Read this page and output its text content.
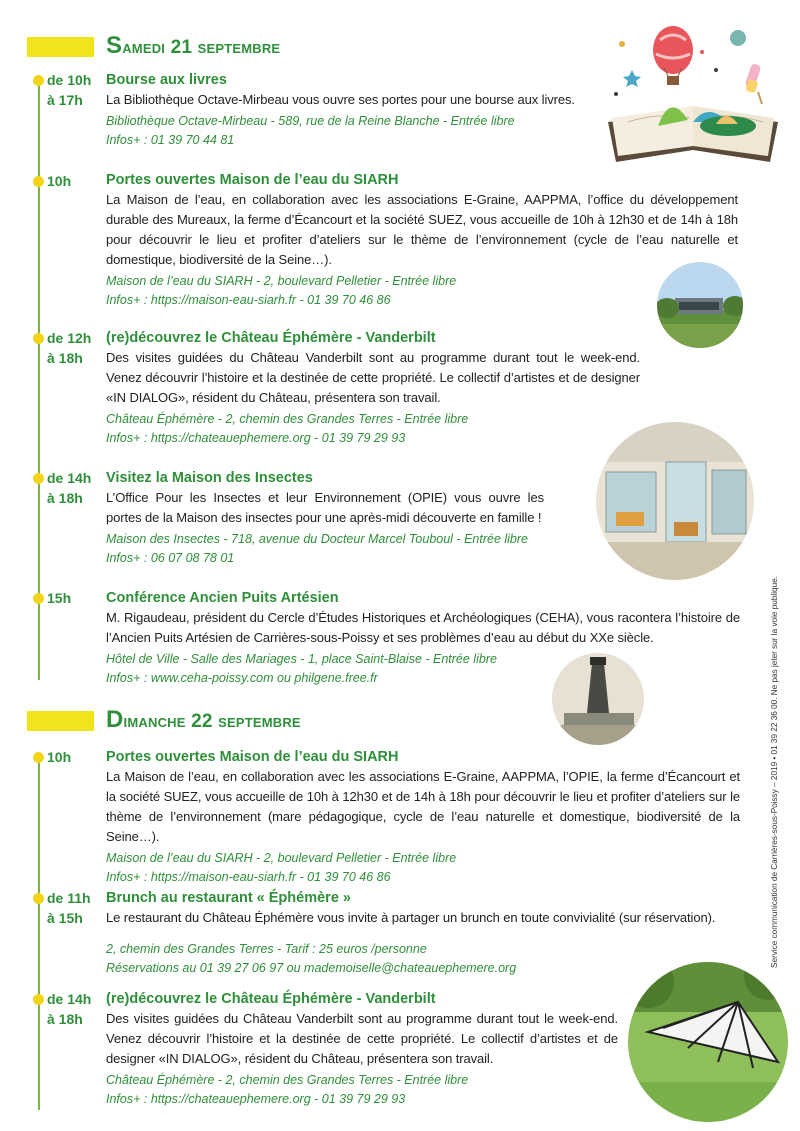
Samedi 21 septembre
de 10h
à 17h
Bourse aux livres
La Bibliothèque Octave-Mirbeau vous ouvre ses portes pour une bourse aux livres.
Bibliothèque Octave-Mirbeau - 589, rue de la Reine Blanche - Entrée libre
Infos+ : 01 39 70 44 81
10h	Portes ouvertes Maison de l’eau du SIARH
La Maison de l’eau, en collaboration avec les associations E-Graine, AAPPMA, l’office du développement durable des Mureaux, la ferme d’Écancourt et la société SUEZ, vous accueille de 10h à 12h30 et de 14h à 18h pour découvrir le lieu et profiter d’ateliers sur le thème de l’environnement (cycle de l’eau naturelle et domestique, biodiversité de la Seine…).
Maison de l’eau du SIARH - 2, boulevard Pelletier - Entrée libre
Infos+ : https://maison-eau-siarh.fr - 01 39 70 46 86
de 12h
à 18h
(re)découvrez le Château Éphémère - Vanderbilt
Des visites guidées du Château Vanderbilt sont au programme durant tout le week-end. Venez découvrir l’histoire et la destinée de cette propriété. Le collectif d’artistes et de designer «IN DIALOG», résident du Château, présentera son travail.
Château Éphémère - 2, chemin des Grandes Terres - Entrée libre
Infos+ : https://chateauephemere.org - 01 39 79 29 93
de 14h
à 18h
Visitez la Maison des Insectes
L’Office Pour les Insectes et leur Environnement (OPIE) vous ouvre les portes de la Maison des insectes pour une après-midi découverte en famille !
Maison des Insectes - 718, avenue du Docteur Marcel Touboul - Entrée libre
Infos+ : 06 07 08 78 01
15h	Conférence Ancien Puits Artésien
M. Rigaudeau, président du Cercle d’Études Historiques et Archéologiques (CEHA), vous racontera l’histoire de l’Ancien Puits Artésien de Carrières-sous-Poissy et ses problèmes d’eau au début du XXe siècle.
Hôtel de Ville - Salle des Mariages - 1, place Saint-Blaise - Entrée libre
Infos+ : www.ceha-poissy.com ou philgene.free.fr
Dimanche 22 septembre
10h	Portes ouvertes Maison de l’eau du SIARH
La Maison de l’eau, en collaboration avec les associations E-Graine, AAPPMA, l’OPIE, la ferme d’Écancourt et la société SUEZ, vous accueille de 10h à 12h30 et de 14h à 18h pour découvrir le lieu et profiter d’ateliers sur le thème de l’environnement (mare pédagogique, cycle de l’eau naturelle et domestique, biodiversité de la Seine…).
Maison de l’eau du SIARH - 2, boulevard Pelletier - Entrée libre
Infos+ : https://maison-eau-siarh.fr - 01 39 70 46 86
de 11h
à 15h
Brunch au restaurant « Éphémère »
Le restaurant du Château Éphémère vous invite à partager un brunch en toute convivialité (sur réservation).
2, chemin des Grandes Terres - Tarif : 25 euros /personne
Réservations au 01 39 27 06 97 ou mademoiselle@chateauephemere.org
de 14h
à 18h
(re)découvrez le Château Éphémère - Vanderbilt
Des visites guidées du Château Vanderbilt sont au programme durant tout le week-end. Venez découvrir l’histoire et la destinée de cette propriété. Le collectif d’artistes et de designer «IN DIALOG», résident du Château, présentera son travail.
Château Éphémère - 2, chemin des Grandes Terres - Entrée libre
Infos+ : https://chateauephemere.org - 01 39 79 29 93
Service communication de Carrières-sous-Poissy – 2019 • 01 39 22 36 00. Ne pas jeter sur la voie publique.
